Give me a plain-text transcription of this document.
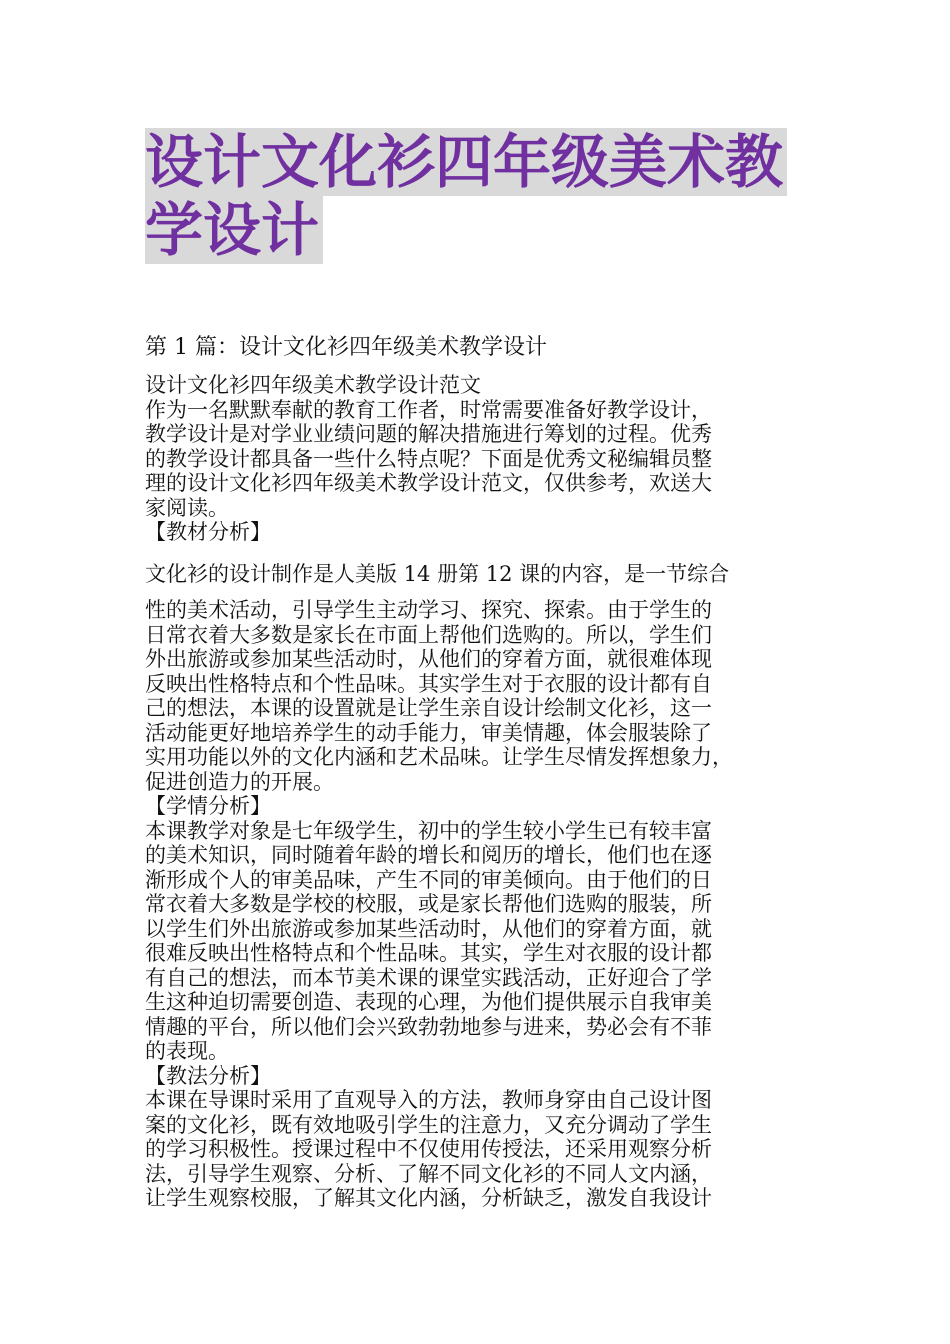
设计文化衫四年级美术教
学设计

第 1 篇：设计文化衫四年级美术教学设计

设计文化衫四年级美术教学设计范文
作为一名默默奉献的教育工作者，时常需要准备好教学设计，
教学设计是对学业业绩问题的解决措施进行筹划的过程。优秀
的教学设计都具备一些什么特点呢？下面是优秀文秘编辑员整
理的设计文化衫四年级美术教学设计范文，仅供参考，欢送大
家阅读。
【教材分析】
文化衫的设计制作是人美版 14 册第 12 课的内容，是一节综合
性的美术活动，引导学生主动学习、探究、探索。由于学生的
日常衣着大多数是家长在市面上帮他们选购的。所以，学生们
外出旅游或参加某些活动时，从他们的穿着方面，就很难体现
反映出性格特点和个性品味。其实学生对于衣服的设计都有自
己的想法，本课的设置就是让学生亲自设计绘制文化衫，这一
活动能更好地培养学生的动手能力，审美情趣，体会服装除了
实用功能以外的文化内涵和艺术品味。让学生尽情发挥想象力，
促进创造力的开展。
【学情分析】
本课教学对象是七年级学生，初中的学生较小学生已有较丰富
的美术知识，同时随着年龄的增长和阅历的增长，他们也在逐
渐形成个人的审美品味，产生不同的审美倾向。由于他们的日
常衣着大多数是学校的校服，或是家长帮他们选购的服装，所
以学生们外出旅游或参加某些活动时，从他们的穿着方面，就
很难反映出性格特点和个性品味。其实，学生对衣服的设计都
有自己的想法，而本节美术课的课堂实践活动，正好迎合了学
生这种迫切需要创造、表现的心理，为他们提供展示自我审美
情趣的平台，所以他们会兴致勃勃地参与进来，势必会有不菲
的表现。
【教法分析】
本课在导课时采用了直观导入的方法，教师身穿由自己设计图
案的文化衫，既有效地吸引学生的注意力，又充分调动了学生
的学习积极性。授课过程中不仅使用传授法，还采用观察分析
法，引导学生观察、分析、了解不同文化衫的不同人文内涵，
让学生观察校服，了解其文化内涵，分析缺乏，激发自我设计
